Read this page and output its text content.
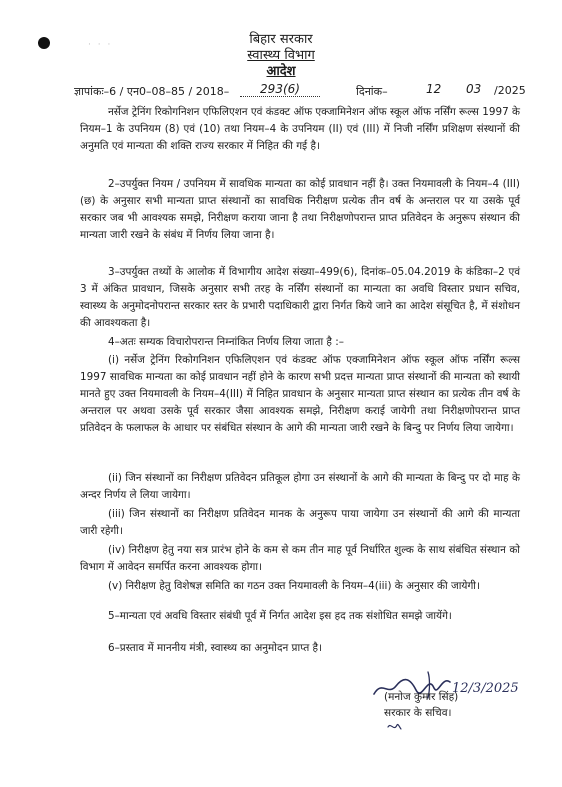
· · ·	बिहार सरकार
स्वास्थ्य विभाग
आदेश
ज्ञापांकः–6 / एन0–08–85 / 2018–	293(6)	दिनांक–	12 03 /2025

नर्सेज ट्रेनिंग रिकोगनिशन एफिलिएशन एवं कंडक्ट ऑफ एक्जामिनेशन ऑफ स्कूल ऑफ नर्सिंग रूल्स 1997 के नियम–1 के उपनियम (8) एवं (10) तथा नियम–4 के उपनियम (II) एवं (III) में निजी नर्सिंग प्रशिक्षण संस्थानों की अनुमति एवं मान्यता की शक्ति राज्य सरकार में निहित की गई है।

2–उपर्युक्त नियम / उपनियम में सावधिक मान्यता का कोई प्रावधान नहीं है। उक्त नियमावली के नियम–4 (III) (छ) के अनुसार सभी मान्यता प्राप्त संस्थानों का सावधिक निरीक्षण प्रत्येक तीन वर्ष के अन्तराल पर या उसके पूर्व सरकार जब भी आवश्यक समझे, निरीक्षण कराया जाना है तथा निरीक्षणोपरान्त प्राप्त प्रतिवेदन के अनुरूप संस्थान की मान्यता जारी रखने के संबंध में निर्णय लिया जाना है।

3–उपर्युक्त तथ्यों के आलोक में विभागीय आदेश संख्या–499(6), दिनांक–05.04.2019 के कंडिका–2 एवं 3 में अंकित प्रावधान, जिसके अनुसार सभी तरह के नर्सिंग संस्थानों का मान्यता का अवधि विस्तार प्रधान सचिव, स्वास्थ्य के अनुमोदनोपरान्त सरकार स्तर के प्रभारी पदाधिकारी द्वारा निर्गत किये जाने का आदेश संसूचित है, में संशोधन की आवश्यकता है।

4–अतः सम्यक विचारोपरान्त निम्नांकित निर्णय लिया जाता है :–

(i) नर्सेज ट्रेनिंग रिकोगनिशन एफिलिएशन एवं कंडक्ट ऑफ एक्जामिनेशन ऑफ स्कूल ऑफ नर्सिंग रूल्स 1997 सावधिक मान्यता का कोई प्रावधान नहीं होने के कारण सभी प्रदत्त मान्यता प्राप्त संस्थानों की मान्यता को स्थायी मानते हुए उक्त नियमावली के नियम–4(III) में निहित प्रावधान के अनुसार मान्यता प्राप्त संस्थान का प्रत्येक तीन वर्ष के अन्तराल पर अथवा उसके पूर्व सरकार जैसा आवश्यक समझे, निरीक्षण कराई जायेगी तथा निरीक्षणोपरान्त प्राप्त प्रतिवेदन के फलाफल के आधार पर संबंधित संस्थान के आगे की मान्यता जारी रखने के बिन्दु पर निर्णय लिया जायेगा।

(ii) जिन संस्थानों का निरीक्षण प्रतिवेदन प्रतिकूल होगा उन संस्थानों के आगे की मान्यता के बिन्दु पर दो माह के अन्दर निर्णय ले लिया जायेगा।

(iii) जिन संस्थानों का निरीक्षण प्रतिवेदन मानक के अनुरूप पाया जायेगा उन संस्थानों की आगे की मान्यता जारी रहेगी।

(iv) निरीक्षण हेतु नया सत्र प्रारंभ होने के कम से कम तीन माह पूर्व निर्धारित शुल्क के साथ संबंधित संस्थान को विभाग में आवेदन समर्पित करना आवश्यक होगा।

(v) निरीक्षण हेतु विशेषज्ञ समिति का गठन उक्त नियमावली के नियम–4(iii) के अनुसार की जायेगी।

5–मान्यता एवं अवधि विस्तार संबंधी पूर्व में निर्गत आदेश इस हद तक संशोधित समझे जायेंगे।

6–प्रस्ताव में माननीय मंत्री, स्वास्थ्य का अनुमोदन प्राप्त है।

12/3/2025
(मनोज कुमार सिंह)
सरकार के सचिव।
